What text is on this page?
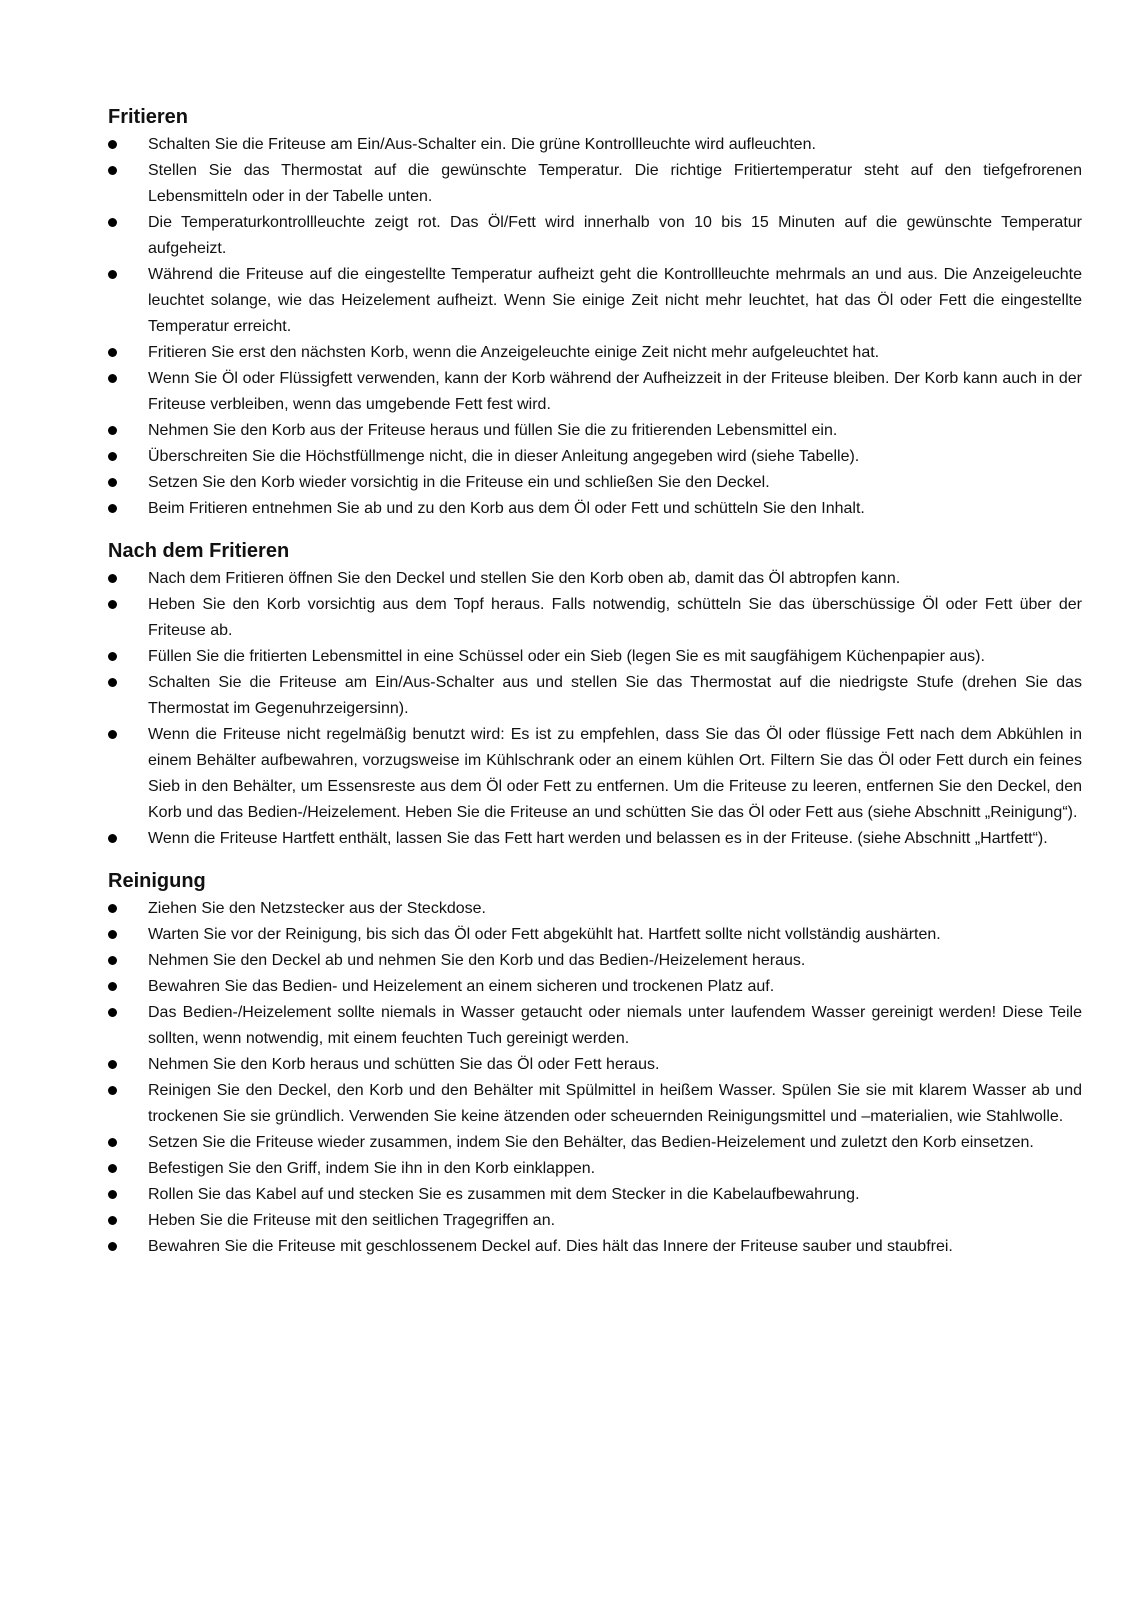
Fritieren
Schalten Sie die Friteuse am Ein/Aus-Schalter ein. Die grüne Kontrollleuchte wird aufleuchten.
Stellen Sie das Thermostat auf die gewünschte Temperatur. Die richtige Fritiertemperatur steht auf den tiefgefrorenen Lebensmitteln oder in der Tabelle unten.
Die Temperaturkontrollleuchte zeigt rot. Das Öl/Fett wird innerhalb von 10 bis 15 Minuten auf die gewünschte Temperatur aufgeheizt.
Während die Friteuse auf die eingestellte Temperatur aufheizt geht die Kontrollleuchte mehrmals an und aus. Die Anzeigeleuchte leuchtet solange, wie das Heizelement aufheizt. Wenn Sie einige Zeit nicht mehr leuchtet, hat das Öl oder Fett die eingestellte Temperatur erreicht.
Fritieren Sie erst den nächsten Korb, wenn die Anzeigeleuchte einige Zeit nicht mehr aufgeleuchtet hat.
Wenn Sie Öl oder Flüssigfett verwenden, kann der Korb während der Aufheizzeit in der Friteuse bleiben. Der Korb kann auch in der Friteuse verbleiben, wenn das umgebende Fett fest wird.
Nehmen Sie den Korb aus der Friteuse heraus und füllen Sie die zu fritierenden Lebensmittel ein.
Überschreiten Sie die Höchstfüllmenge nicht, die in dieser Anleitung angegeben wird (siehe Tabelle).
Setzen Sie den Korb wieder vorsichtig in die Friteuse ein und schließen Sie den Deckel.
Beim Fritieren entnehmen Sie ab und zu den Korb aus dem Öl oder Fett und schütteln Sie den Inhalt.
Nach dem Fritieren
Nach dem Fritieren öffnen Sie den Deckel und stellen Sie den Korb oben ab, damit das Öl abtropfen kann.
Heben Sie den Korb vorsichtig aus dem Topf heraus. Falls notwendig, schütteln Sie das überschüssige Öl oder Fett über der Friteuse ab.
Füllen Sie die fritierten Lebensmittel in eine Schüssel oder ein Sieb (legen Sie es mit saugfähigem Küchenpapier aus).
Schalten Sie die Friteuse am Ein/Aus-Schalter aus und stellen Sie das Thermostat auf die niedrigste Stufe (drehen Sie das Thermostat im Gegenuhrzeigersinn).
Wenn die Friteuse nicht regelmäßig benutzt wird: Es ist zu empfehlen, dass Sie das Öl oder flüssige Fett nach dem Abkühlen in einem Behälter aufbewahren, vorzugsweise im Kühlschrank oder an einem kühlen Ort. Filtern Sie das Öl oder Fett durch ein feines Sieb in den Behälter, um Essensreste aus dem Öl oder Fett zu entfernen. Um die Friteuse zu leeren, entfernen Sie den Deckel, den Korb und das Bedien-/Heizelement. Heben Sie die Friteuse an und schütten Sie das Öl oder Fett aus (siehe Abschnitt „Reinigung“).
Wenn die Friteuse Hartfett enthält, lassen Sie das Fett hart werden und belassen es in der Friteuse. (siehe Abschnitt „Hartfett“).
Reinigung
Ziehen Sie den Netzstecker aus der Steckdose.
Warten Sie vor der Reinigung, bis sich das Öl oder Fett abgekühlt hat. Hartfett sollte nicht vollständig aushärten.
Nehmen Sie den Deckel ab und nehmen Sie den Korb und das Bedien-/Heizelement heraus.
Bewahren Sie das Bedien- und Heizelement an einem sicheren und trockenen Platz auf.
Das Bedien-/Heizelement sollte niemals in Wasser getaucht oder niemals unter laufendem Wasser gereinigt werden! Diese Teile sollten, wenn notwendig, mit einem feuchten Tuch gereinigt werden.
Nehmen Sie den Korb heraus und schütten Sie das Öl oder Fett heraus.
Reinigen Sie den Deckel, den Korb und den Behälter mit Spülmittel in heißem Wasser. Spülen Sie sie mit klarem Wasser ab und trockenen Sie sie gründlich. Verwenden Sie keine ätzenden oder scheuernden Reinigungsmittel und –materialien, wie Stahlwolle.
Setzen Sie die Friteuse wieder zusammen, indem Sie den Behälter, das Bedien-Heizelement und zuletzt den Korb einsetzen.
Befestigen Sie den Griff, indem Sie ihn in den Korb einklappen.
Rollen Sie das Kabel auf und stecken Sie es zusammen mit dem Stecker in die Kabelaufbewahrung.
Heben Sie die Friteuse mit den seitlichen Tragegriffen an.
Bewahren Sie die Friteuse mit geschlossenem Deckel auf. Dies hält das Innere der Friteuse sauber und staubfrei.
